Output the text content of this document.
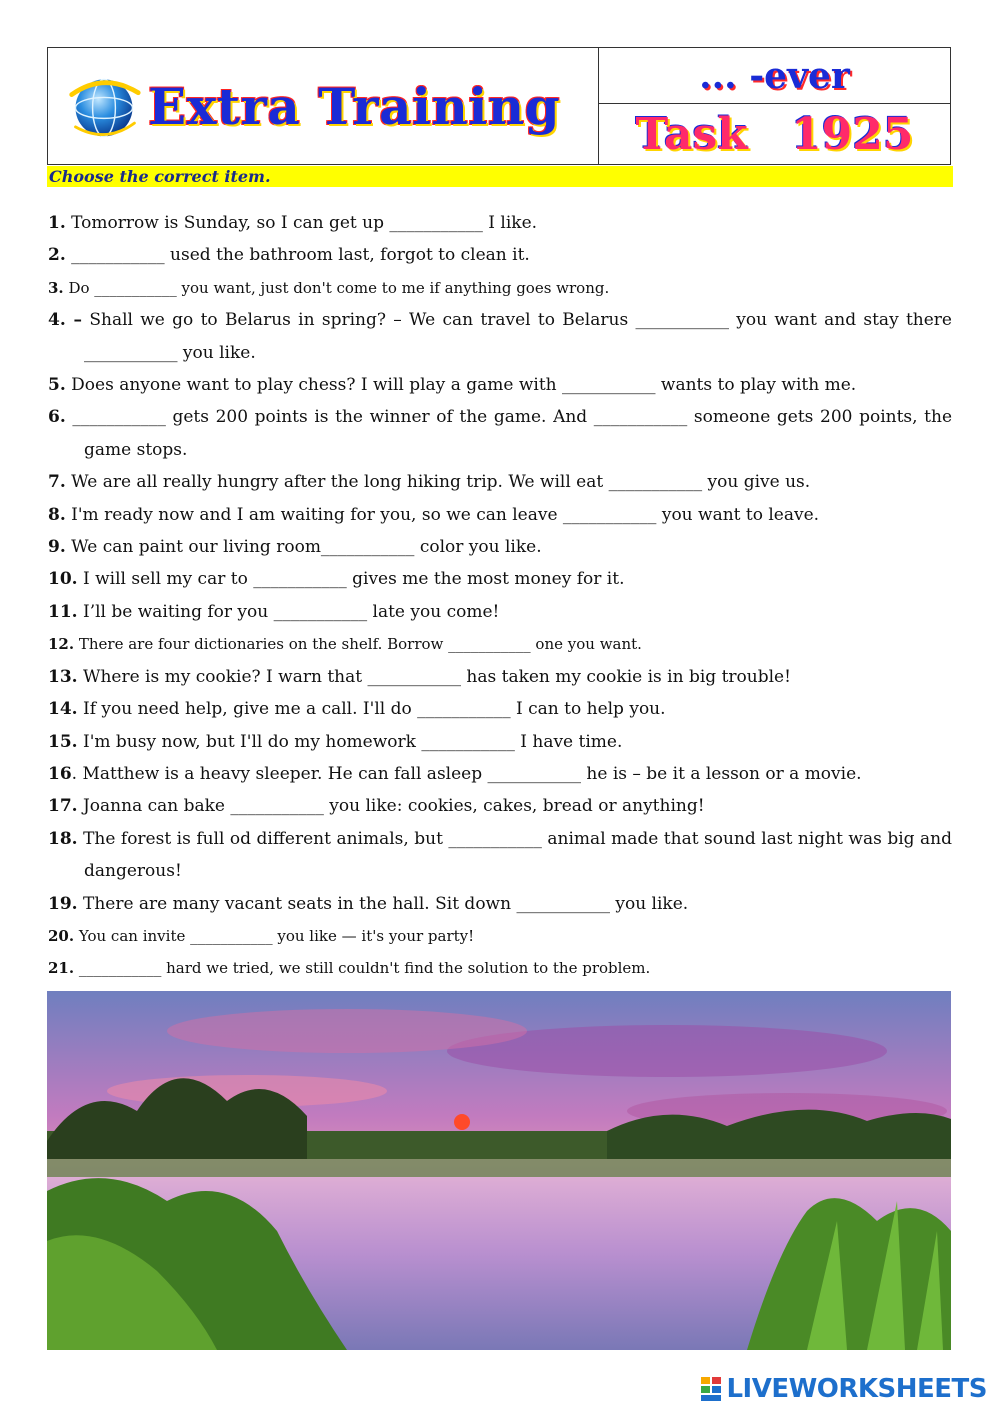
Extra Training
... -ever
Task 1925
Choose the correct item.

1. Tomorrow is Sunday, so I can get up ___________ I like.

2. ___________ used the bathroom last, forgot to clean it.

3. Do ___________ you want, just don't come to me if anything goes wrong.

4. – Shall we go to Belarus in spring? – We can travel to Belarus ___________ you want and stay there ___________ you like.

5. Does anyone want to play chess? I will play a game with ___________ wants to play with me.

6. ___________ gets 200 points is the winner of the game. And ___________ someone gets 200 points, the game stops.

7. We are all really hungry after the long hiking trip. We will eat ___________ you give us.

8. I'm ready now and I am waiting for you, so we can leave ___________ you want to leave.

9. We can paint our living room___________ color you like.

10. I will sell my car to ___________ gives me the most money for it.

11. I’ll be waiting for you ___________ late you come!

12. There are four dictionaries on the shelf. Borrow ___________ one you want.

13. Where is my cookie? I warn that ___________ has taken my cookie is in big trouble!

14. If you need help, give me a call. I'll do ___________ I can to help you.

15. I'm busy now, but I'll do my homework ___________ I have time.

16. Matthew is a heavy sleeper. He can fall asleep ___________ he is – be it a lesson or a movie.

17. Joanna can bake ___________ you like: cookies, cakes, bread or anything!

18. The forest is full od different animals, but ___________ animal made that sound last night was big and dangerous!

19. There are many vacant seats in the hall. Sit down ___________ you like.

20. You can invite ___________ you like — it's your party!

21. ___________ hard we tried, we still couldn't find the solution to the problem.

LIVEWORKSHEETS
